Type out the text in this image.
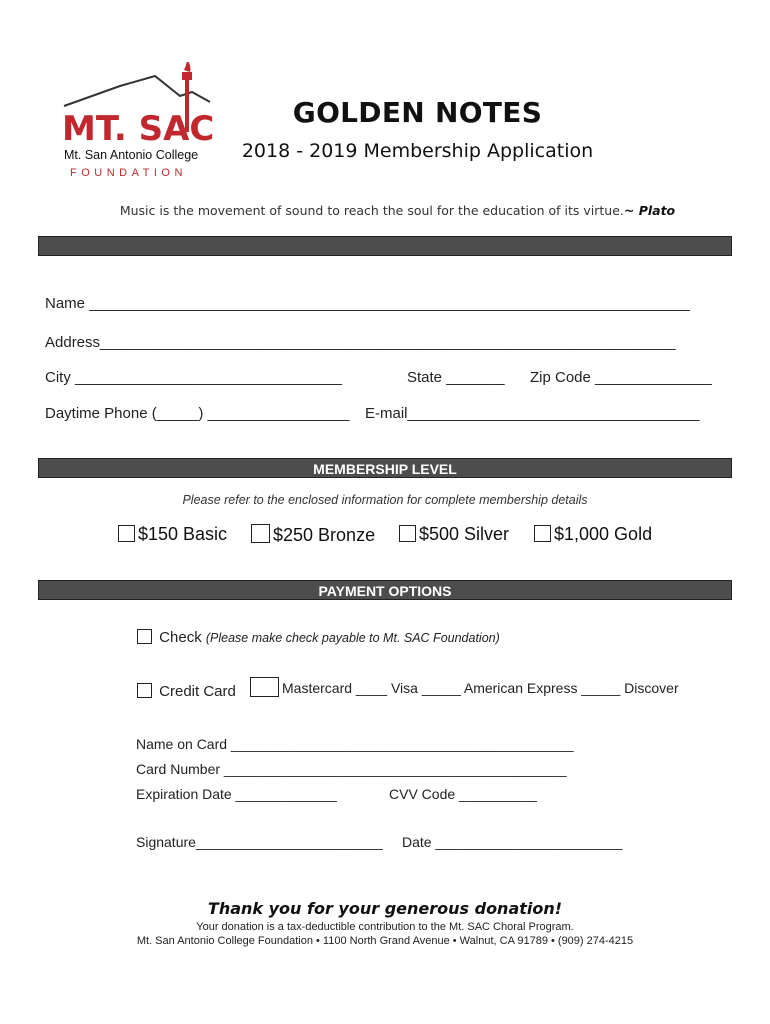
MT. SAC
Mt. San Antonio College
FOUNDATION
GOLDEN NOTES
2018 - 2019 Membership Application
Music is the movement of sound to reach the soul for the education of its virtue.~ Plato
Name ________________________________________________________________________
Address_____________________________________________________________________
City ________________________________	State _______ Zip Code ______________
Daytime Phone (_____) _________________ E-mail___________________________________
MEMBERSHIP LEVEL
Please refer to the enclosed information for complete membership details
$150 Basic	$250 Bronze	$500 Silver	$1,000 Gold
PAYMENT OPTIONS
Check (Please make check payable to Mt. SAC Foundation)
Credit Card	Mastercard ____ Visa _____ American Express _____ Discover
Name on Card ____________________________________________
Card Number ____________________________________________
Expiration Date _____________	CVV Code __________
Signature________________________ Date ________________________
Thank you for your generous donation!
Your donation is a tax-deductible contribution to the Mt. SAC Choral Program.
Mt. San Antonio College Foundation • 1100 North Grand Avenue • Walnut, CA 91789 • (909) 274-4215
